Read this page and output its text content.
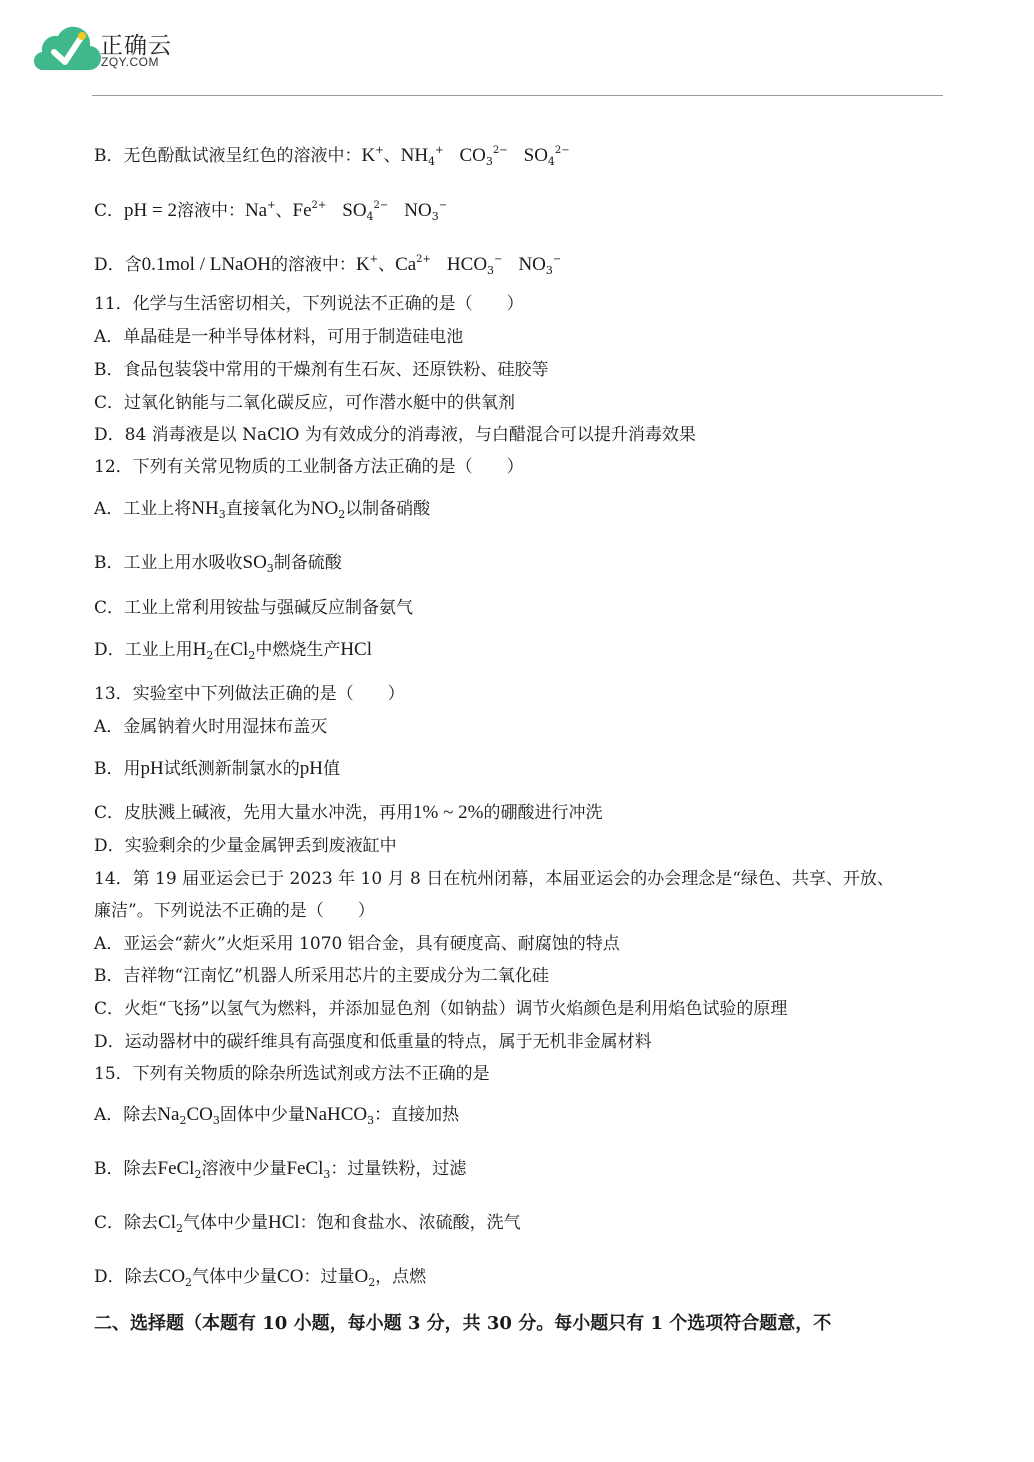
正确云
ZQY.COM
B．无色酚酞试液呈红色的溶液中：K+、$NH_4^+$ $CO_3^{2-}$ $SO_4^{2-}$
C．pH = 2溶液中：Na+、$Fe^{2+}$ $SO_4^{2-}$ $NO_3^-$
D．含0.1mol / LNaOH的溶液中：K+、$Ca^{2+}$ $HCO_3^-$ $NO_3^-$
11．化学与生活密切相关，下列说法不正确的是（　　）
A．单晶硅是一种半导体材料，可用于制造硅电池
B．食品包装袋中常用的干燥剂有生石灰、还原铁粉、硅胶等
C．过氧化钠能与二氧化碳反应，可作潜水艇中的供氧剂
D．84 消毒液是以 NaClO 为有效成分的消毒液，与白醋混合可以提升消毒效果
12．下列有关常见物质的工业制备方法正确的是（　　）
A．工业上将$NH_3$直接氧化为$NO_2$以制备硝酸
B．工业上用水吸收$SO_3$制备硫酸
C．工业上常利用铵盐与强碱反应制备氨气
D．工业上用$H_2$在$Cl_2$中燃烧生产HCl
13．实验室中下列做法正确的是（　　）
A．金属钠着火时用湿抹布盖灭
B．用pH试纸测新制氯水的pH值
C．皮肤溅上碱液，先用大量水冲洗，再用1% ~ 2%的硼酸进行冲洗
D．实验剩余的少量金属钾丢到废液缸中
14．第 19 届亚运会已于 2023 年 10 月 8 日在杭州闭幕，本届亚运会的办会理念是“绿色、共享、开放、
廉洁”。下列说法不正确的是（　　）
A．亚运会“薪火”火炬采用 1070 铝合金，具有硬度高、耐腐蚀的特点
B．吉祥物“江南忆”机器人所采用芯片的主要成分为二氧化硅
C．火炬“飞扬”以氢气为燃料，并添加显色剂（如钠盐）调节火焰颜色是利用焰色试验的原理
D．运动器材中的碳纤维具有高强度和低重量的特点，属于无机非金属材料
15．下列有关物质的除杂所选试剂或方法不正确的是
A．除去$Na_2CO_3$固体中少量NaHCO$_3$：直接加热
B．除去FeCl$_2$溶液中少量FeCl$_3$：过量铁粉，过滤
C．除去$Cl_2$气体中少量HCl：饱和食盐水、浓硫酸，洗气
D．除去$CO_2$气体中少量CO：过量$O_2$，点燃
二、选择题（本题有 10 小题，每小题 3 分，共 30 分。每小题只有 1 个选项符合题意，不
